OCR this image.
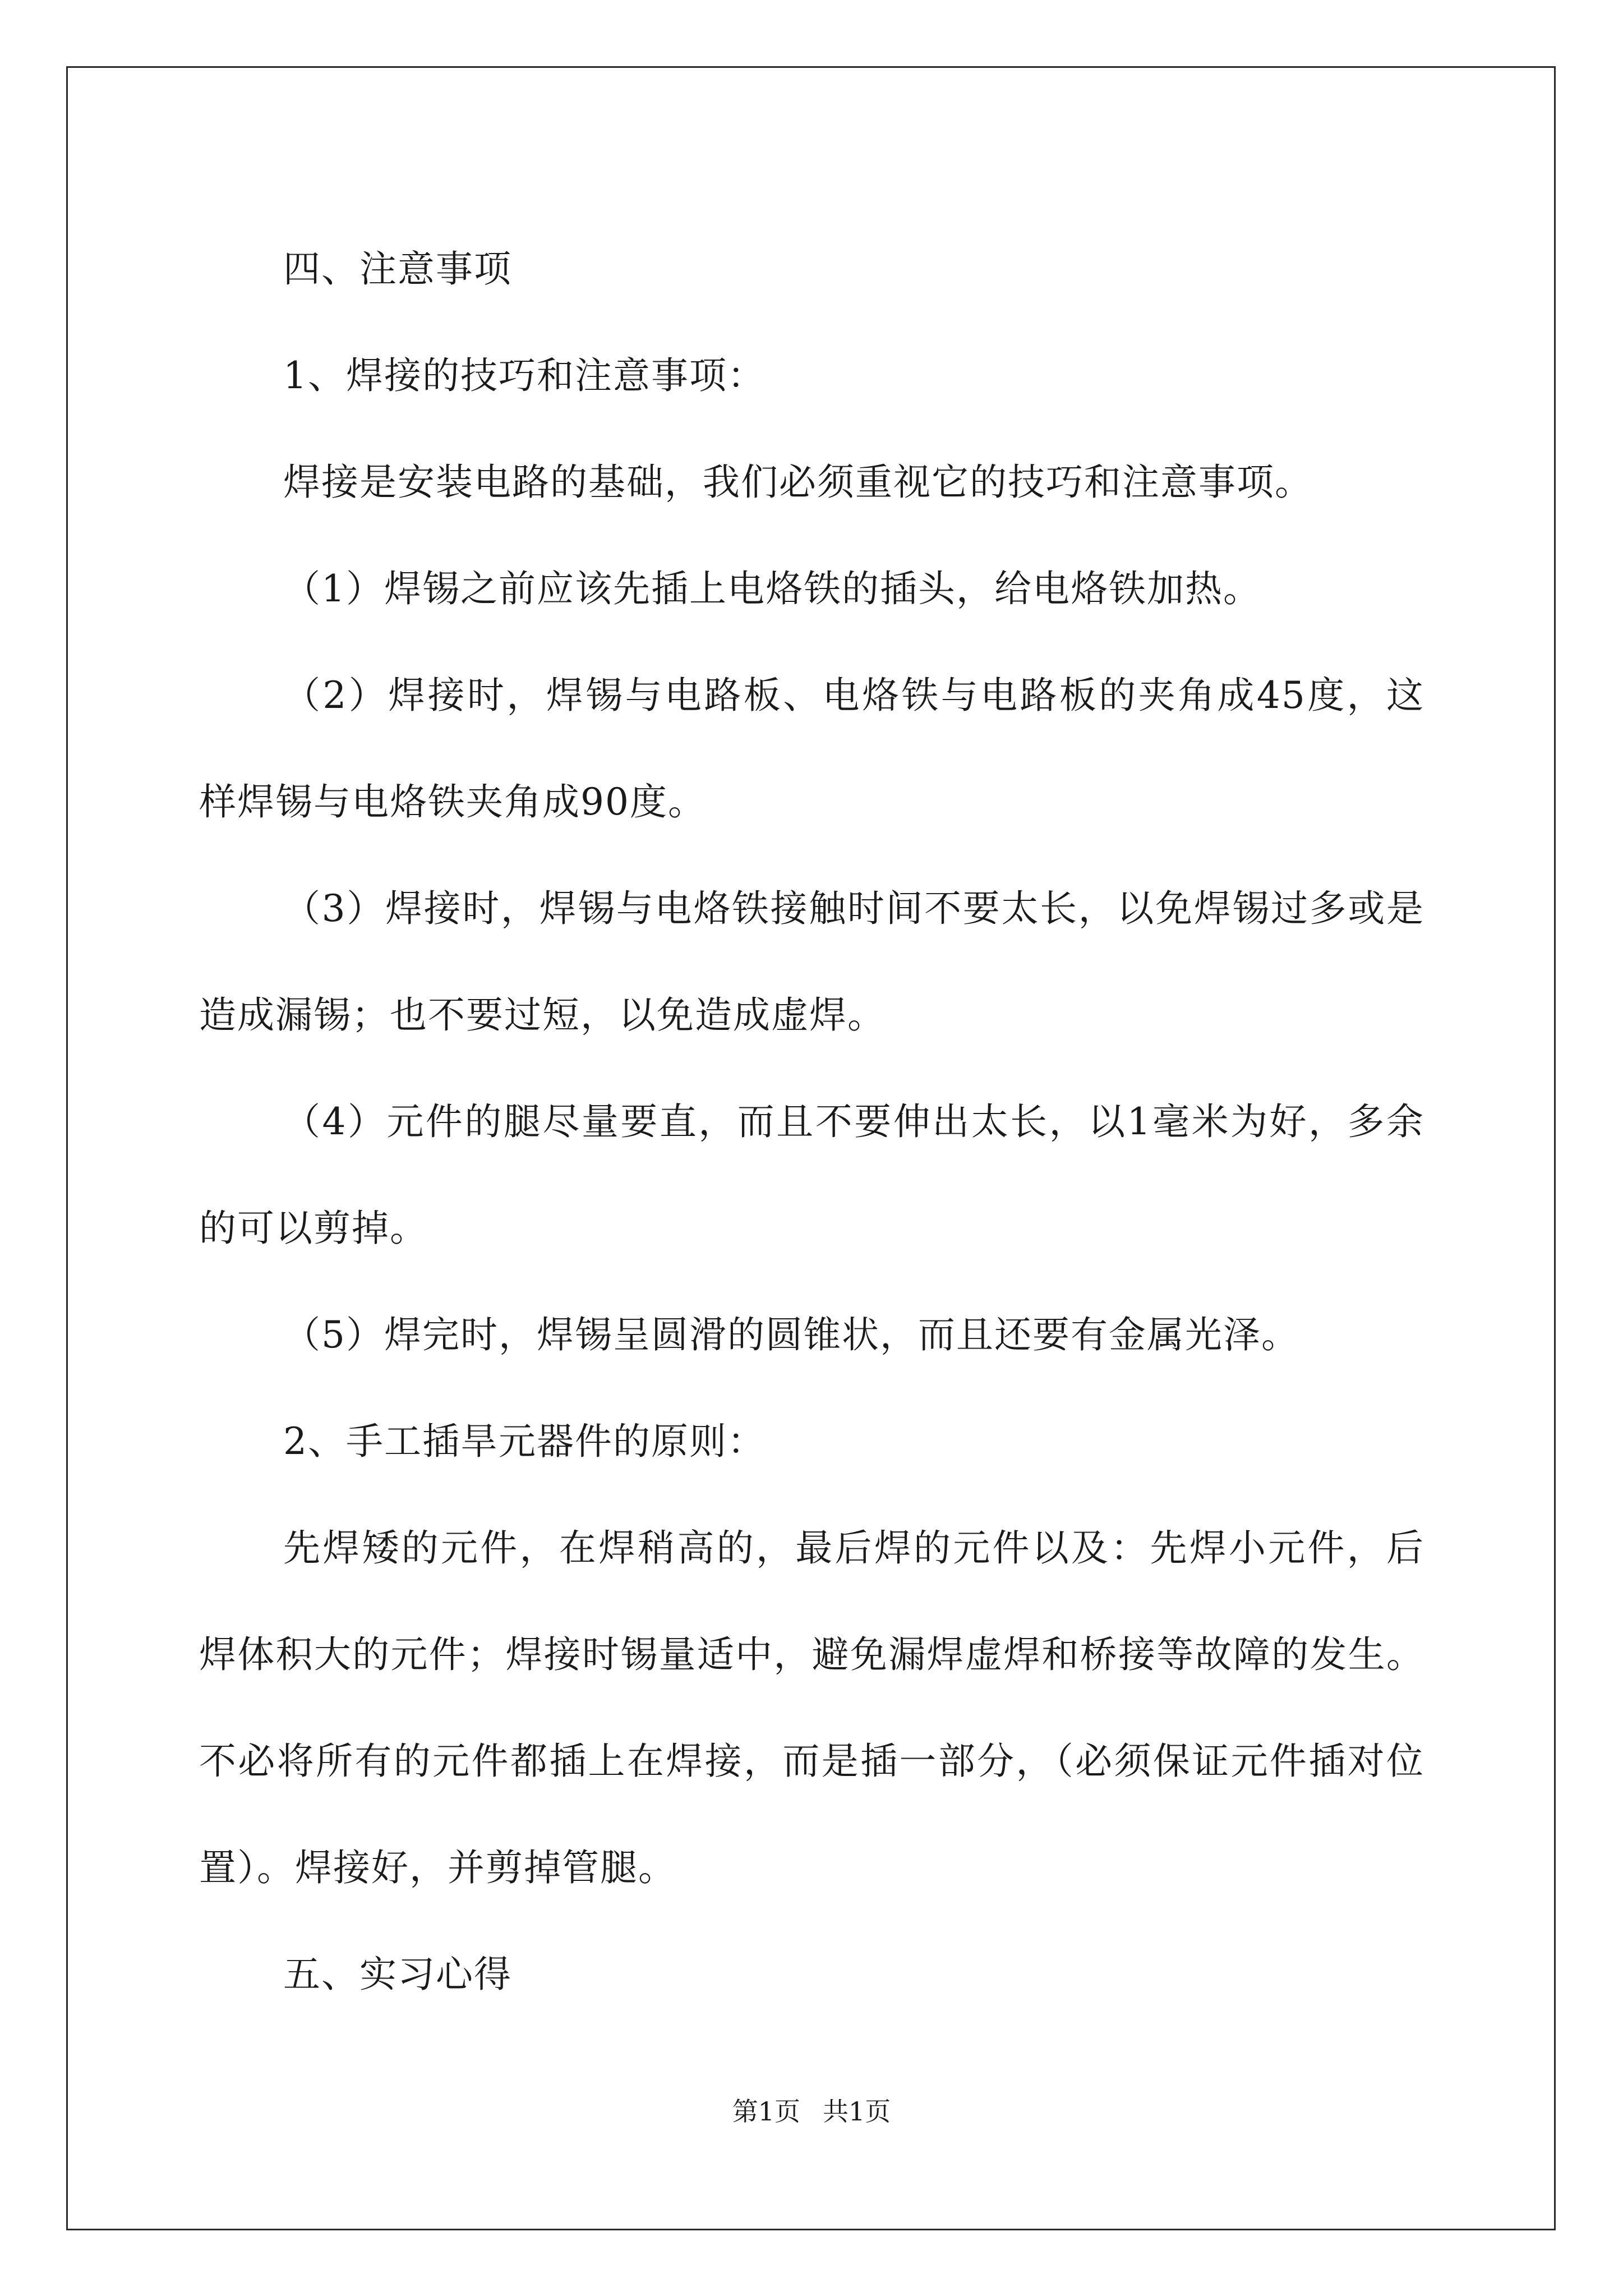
四、注意事项

1、焊接的技巧和注意事项：

焊接是安装电路的基础，我们必须重视它的技巧和注意事项。

（1）焊锡之前应该先插上电烙铁的插头，给电烙铁加热。

（2）焊接时，焊锡与电路板、电烙铁与电路板的夹角成45度，这样焊锡与电烙铁夹角成90度。

（3）焊接时，焊锡与电烙铁接触时间不要太长，以免焊锡过多或是造成漏锡；也不要过短，以免造成虚焊。

（4）元件的腿尽量要直，而且不要伸出太长，以1毫米为好，多余的可以剪掉。

（5）焊完时，焊锡呈圆滑的圆锥状，而且还要有金属光泽。

2、手工插旱元器件的原则：

先焊矮的元件，在焊稍高的，最后焊的元件以及：先焊小元件，后焊体积大的元件；焊接时锡量适中，避免漏焊虚焊和桥接等故障的发生。不必将所有的元件都插上在焊接，而是插一部分，（必须保证元件插对位置）。焊接好，并剪掉管腿。

五、实习心得

第1页 共1页
